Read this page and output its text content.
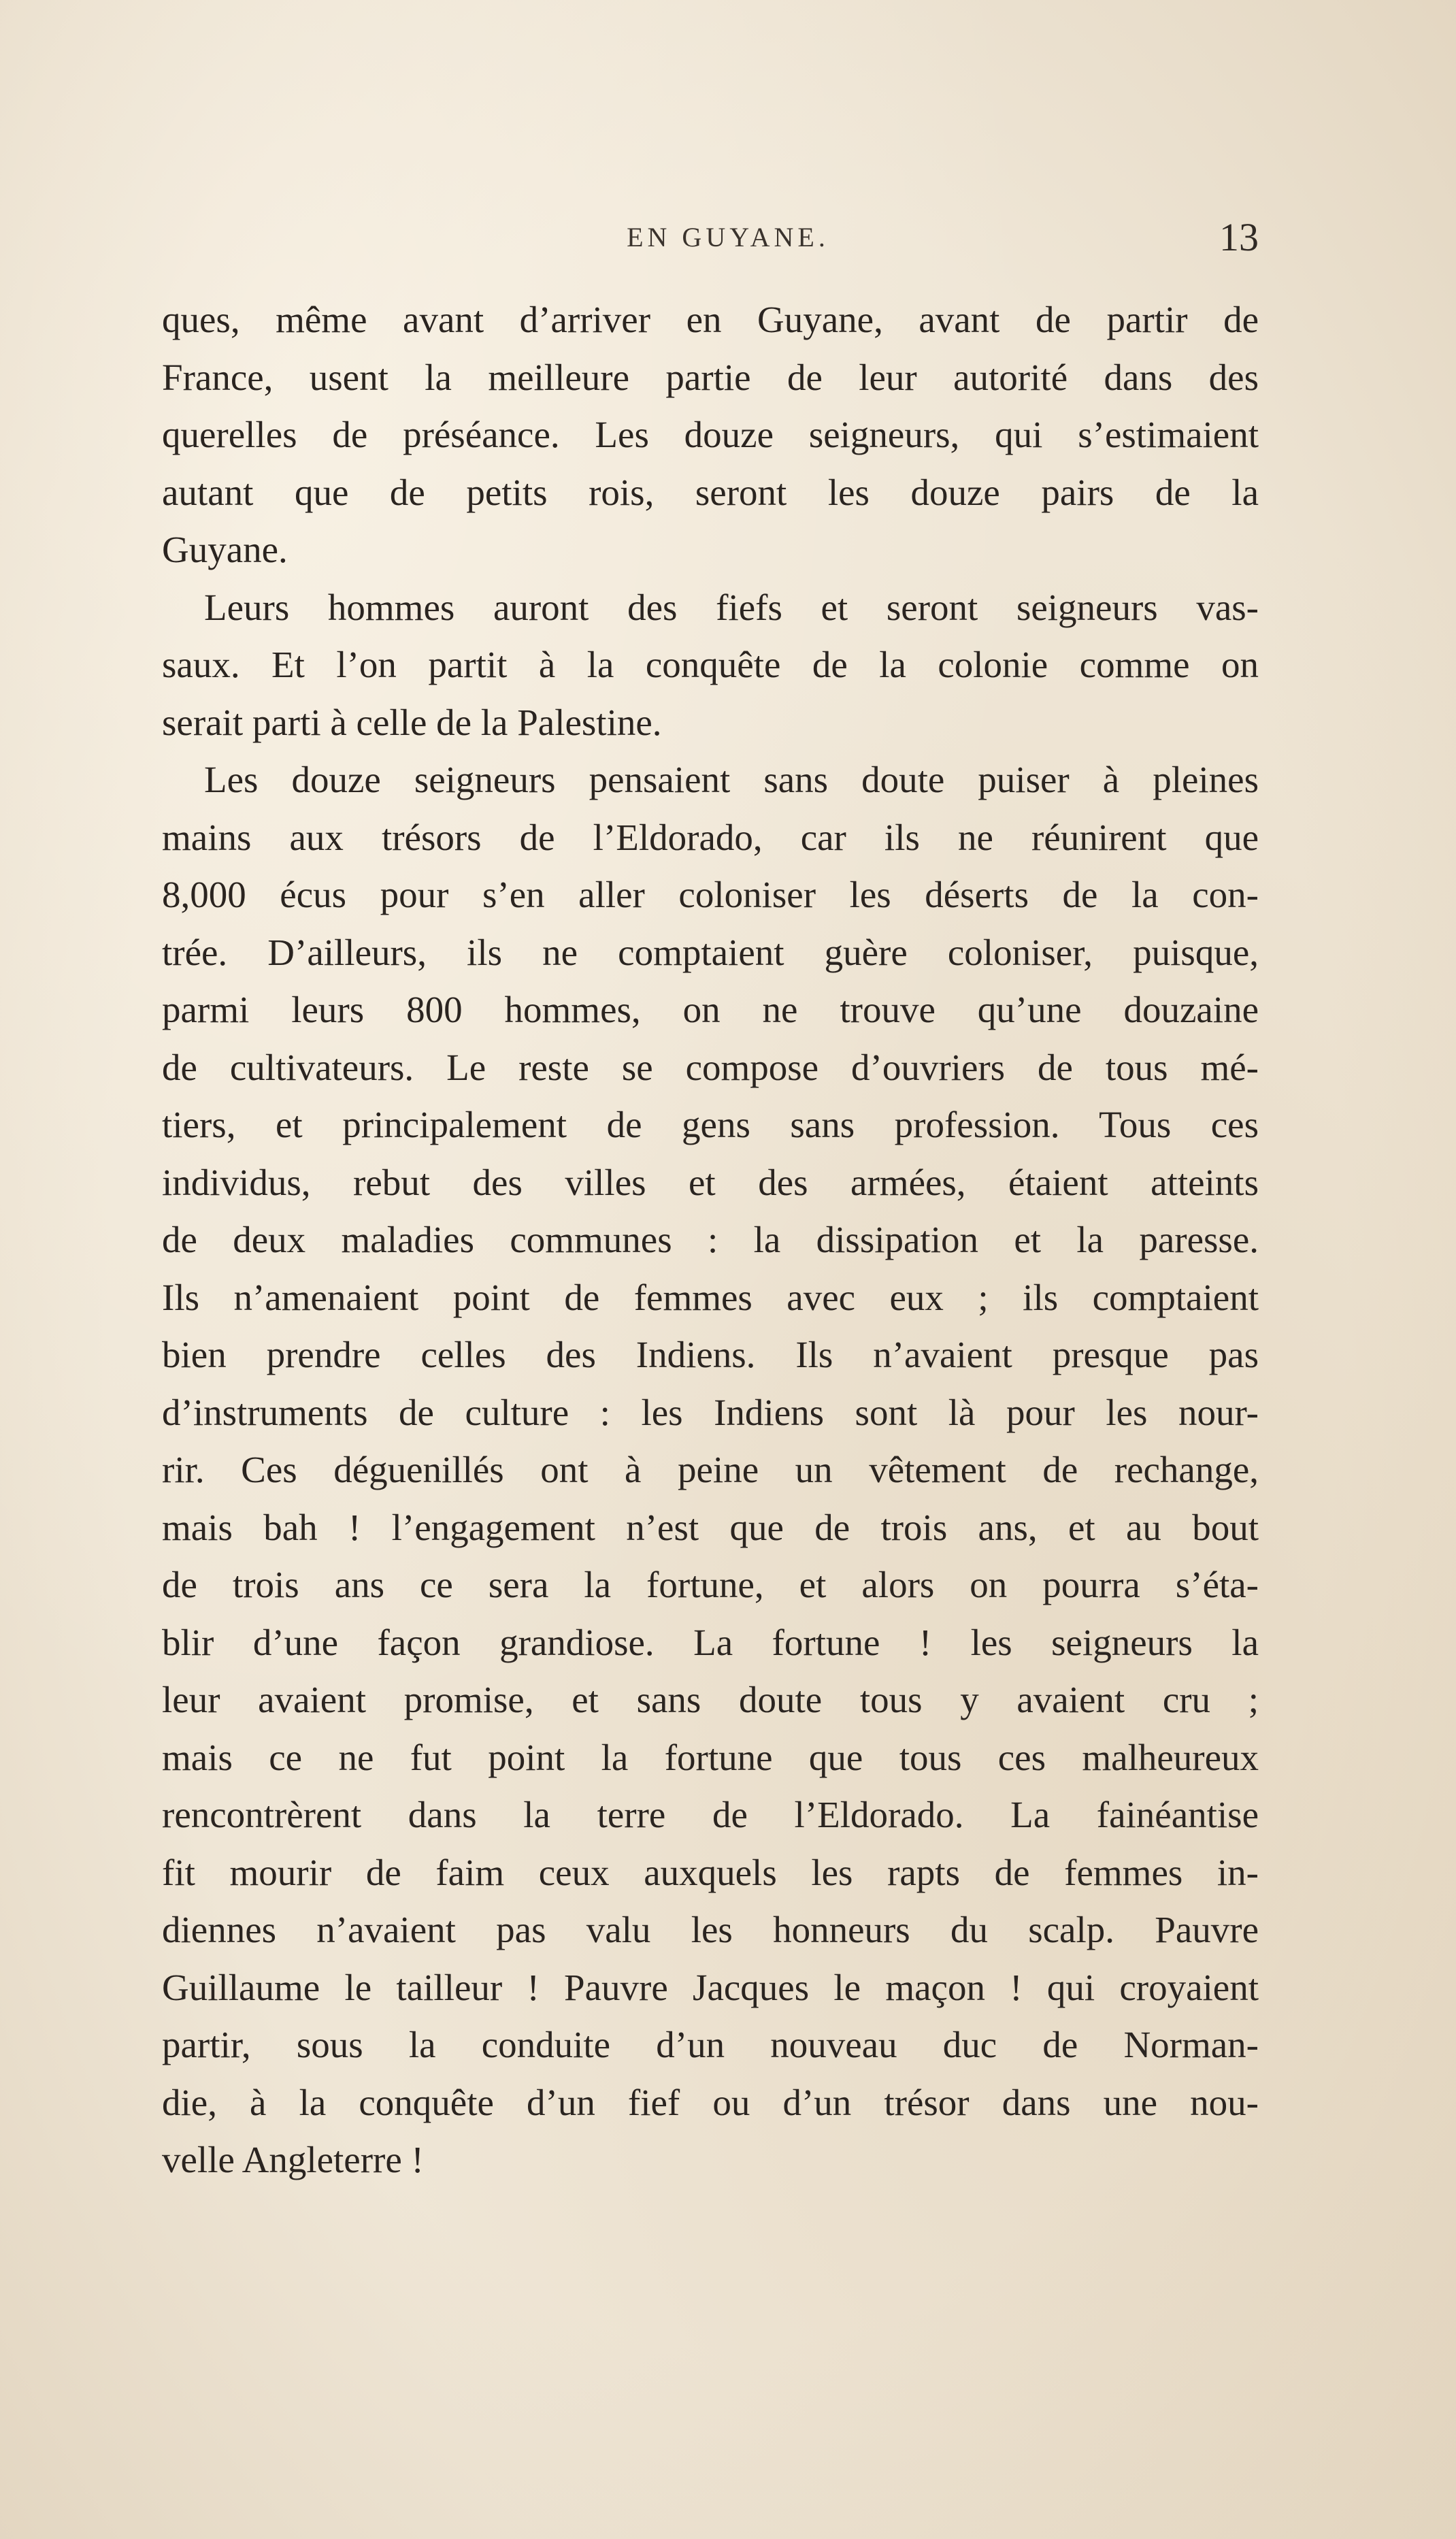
EN GUYANE.	13
ques, même avant d’arriver en Guyane, avant de partir de
France, usent la meilleure partie de leur autorité dans des
querelles de préséance. Les douze seigneurs, qui s’estimaient
autant que de petits rois, seront les douze pairs de la
Guyane.
Leurs hommes auront des fiefs et seront seigneurs vas-
saux. Et l’on partit à la conquête de la colonie comme on
serait parti à celle de la Palestine.
Les douze seigneurs pensaient sans doute puiser à pleines
mains aux trésors de l’Eldorado, car ils ne réunirent que
8,000 écus pour s’en aller coloniser les déserts de la con-
trée. D’ailleurs, ils ne comptaient guère coloniser, puisque,
parmi leurs 800 hommes, on ne trouve qu’une douzaine
de cultivateurs. Le reste se compose d’ouvriers de tous mé-
tiers, et principalement de gens sans profession. Tous ces
individus, rebut des villes et des armées, étaient atteints
de deux maladies communes : la dissipation et la paresse.
Ils n’amenaient point de femmes avec eux ; ils comptaient
bien prendre celles des Indiens. Ils n’avaient presque pas
d’instruments de culture : les Indiens sont là pour les nour-
rir. Ces déguenillés ont à peine un vêtement de rechange,
mais bah ! l’engagement n’est que de trois ans, et au bout
de trois ans ce sera la fortune, et alors on pourra s’éta-
blir d’une façon grandiose. La fortune ! les seigneurs la
leur avaient promise, et sans doute tous y avaient cru ;
mais ce ne fut point la fortune que tous ces malheureux
rencontrèrent dans la terre de l’Eldorado. La fainéantise
fit mourir de faim ceux auxquels les rapts de femmes in-
diennes n’avaient pas valu les honneurs du scalp. Pauvre
Guillaume le tailleur ! Pauvre Jacques le maçon ! qui croyaient
partir, sous la conduite d’un nouveau duc de Norman-
die, à la conquête d’un fief ou d’un trésor dans une nou-
velle Angleterre !
